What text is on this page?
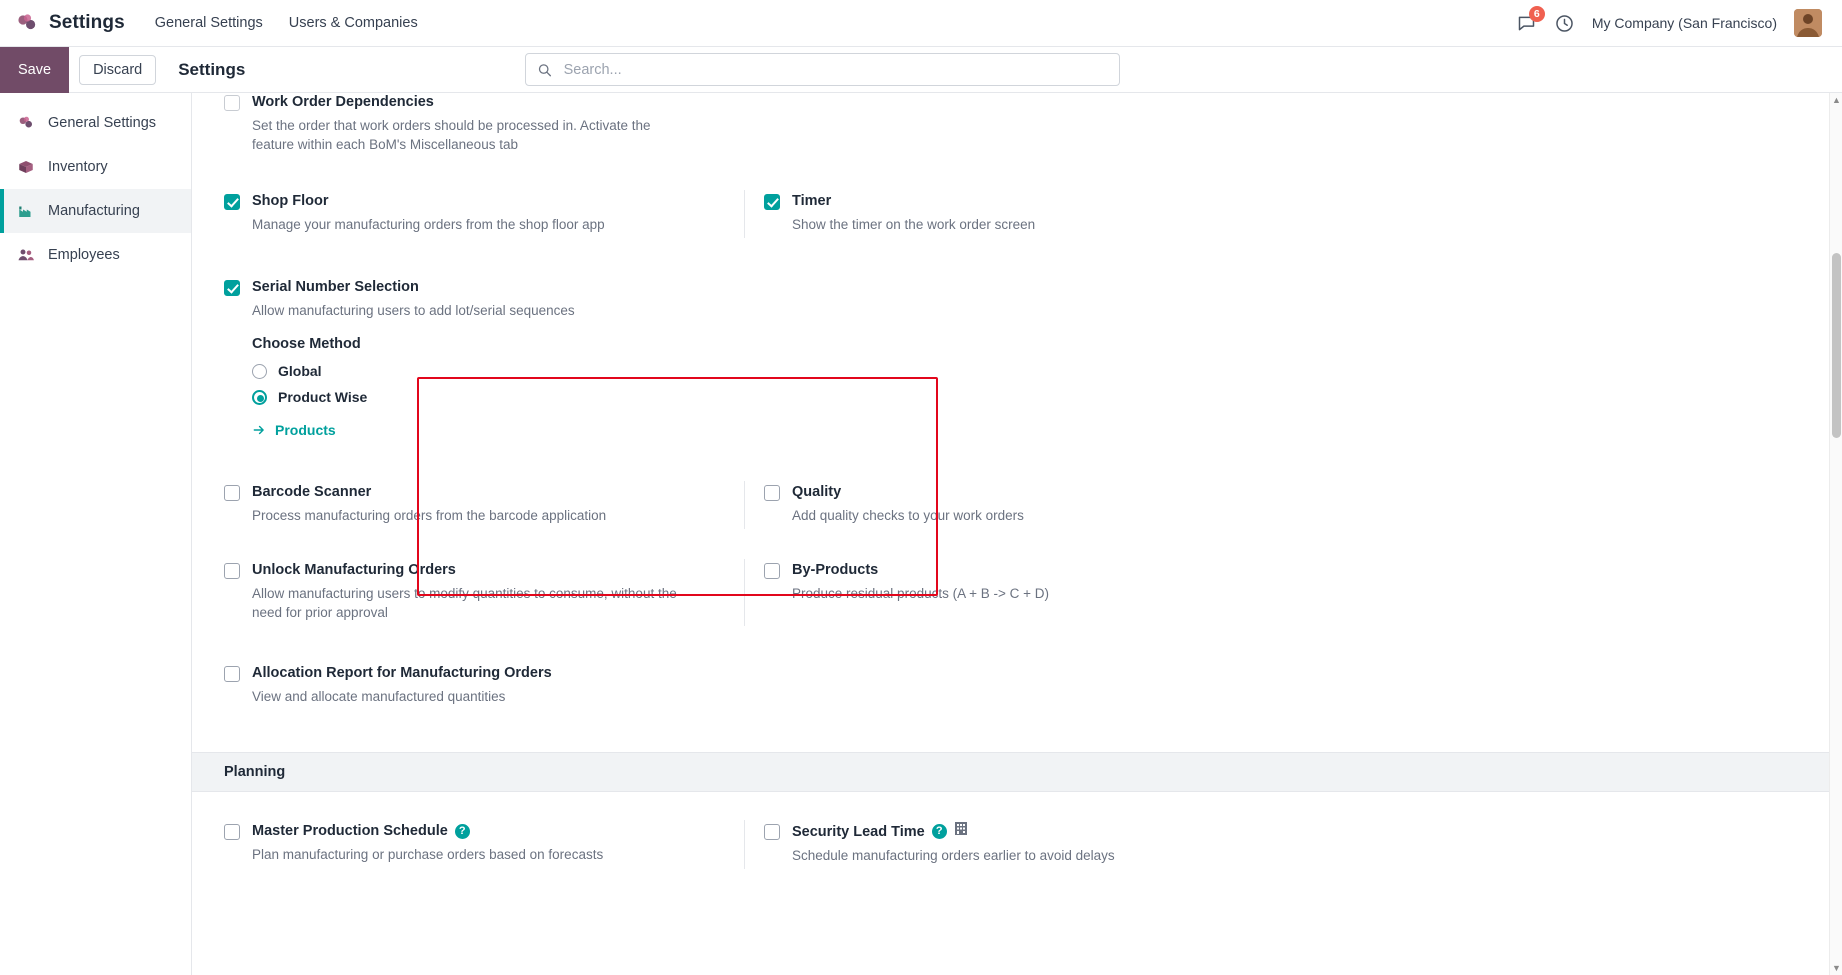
Settings General Settings Users & Companies
6
My Company (San Francisco)
Save	Discard	Settings
Search...
General Settings
Inventory
Manufacturing
Employees
Work Order Dependencies
Set the order that work orders should be processed in. Activate the feature within each BoM's Miscellaneous tab
Shop Floor
Manage your manufacturing orders from the shop floor app
Timer
Show the timer on the work order screen
Serial Number Selection
Allow manufacturing users to add lot/serial sequences
Choose Method
Global
Product Wise
Products
Barcode Scanner
Process manufacturing orders from the barcode application
Quality
Add quality checks to your work orders
Unlock Manufacturing Orders
Allow manufacturing users to modify quantities to consume, without the need for prior approval
By-Products
Produce residual products (A + B -> C + D)
Allocation Report for Manufacturing Orders
View and allocate manufactured quantities
Planning
Master Production Schedule	?
Plan manufacturing or purchase orders based on forecasts
Security Lead Time	?
Schedule manufacturing orders earlier to avoid delays
▲
▼
